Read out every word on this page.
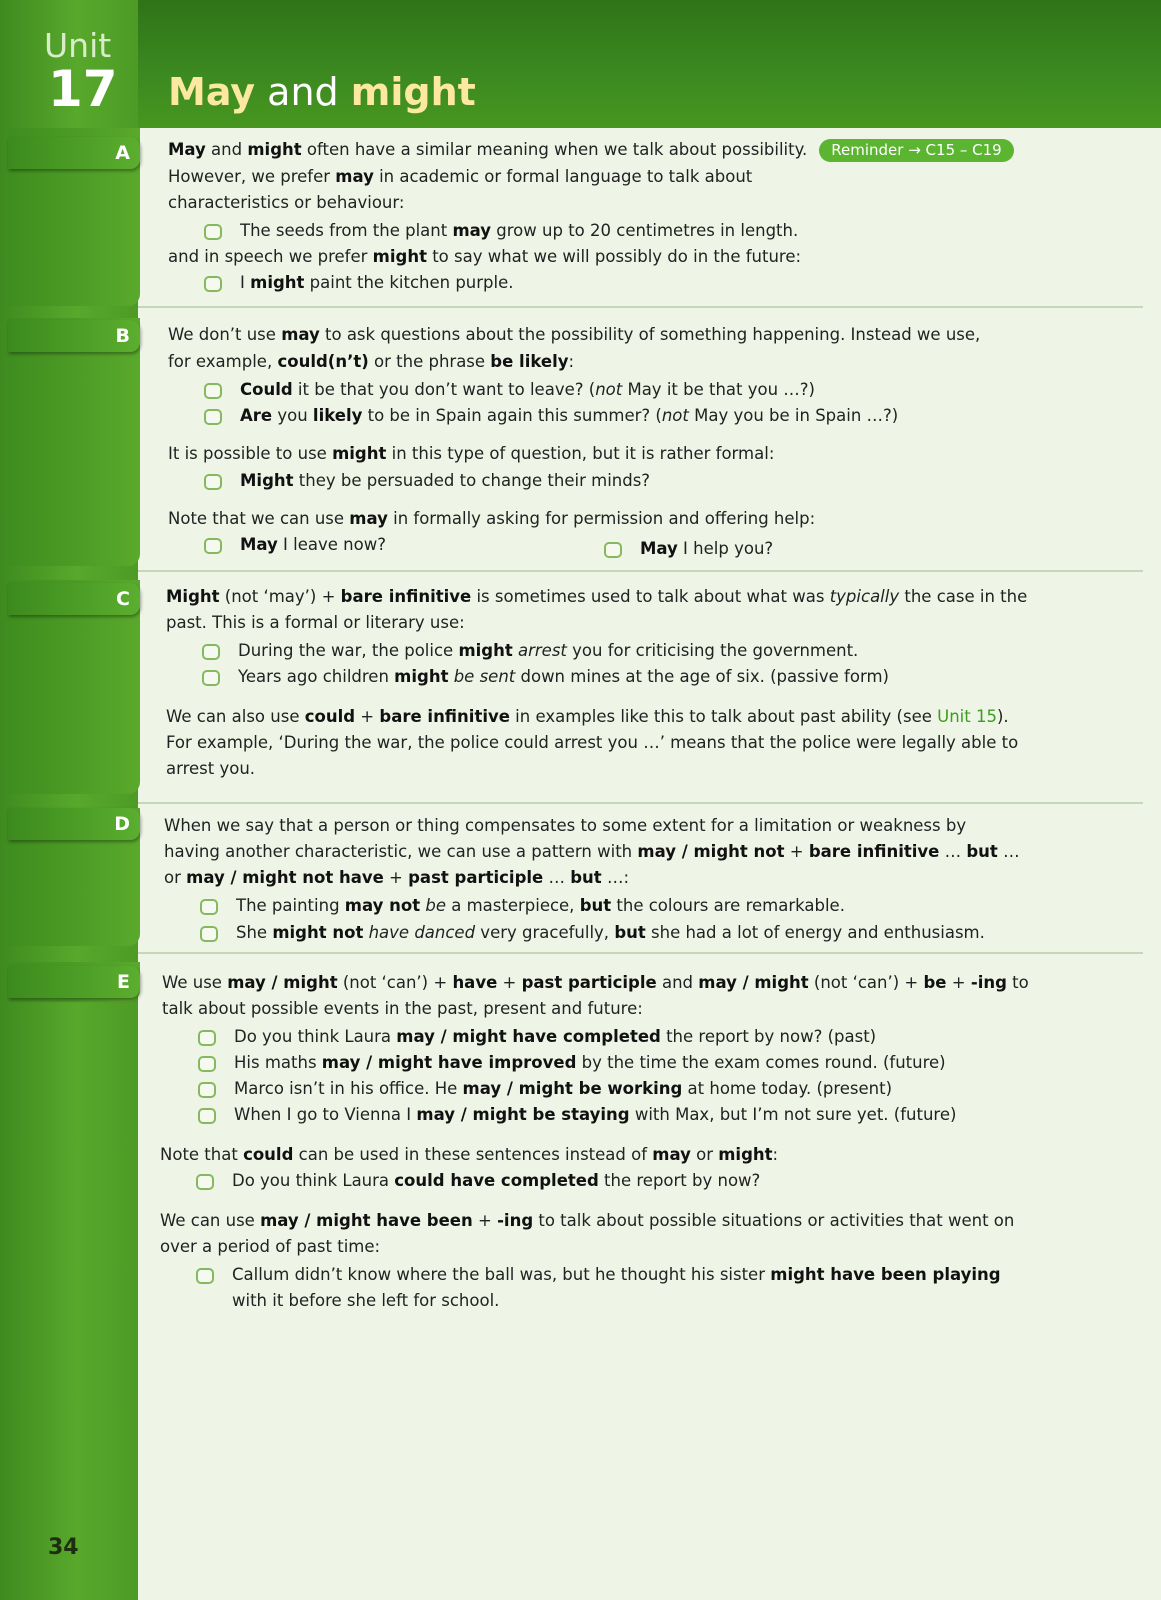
Unit
17 May and might
A	May and might often have a similar meaning when we talk about possibility. Reminder → C15 – C19
However, we prefer may in academic or formal language to talk about
characteristics or behaviour:
The seeds from the plant may grow up to 20 centimetres in length.
and in speech we prefer might to say what we will possibly do in the future:
I might paint the kitchen purple.
B	We don’t use may to ask questions about the possibility of something happening. Instead we use,
for example, could(n’t) or the phrase be likely:
Could it be that you don’t want to leave? (not May it be that you …?)
Are you likely to be in Spain again this summer? (not May you be in Spain …?)
It is possible to use might in this type of question, but it is rather formal:
Might they be persuaded to change their minds?
Note that we can use may in formally asking for permission and offering help:
May I leave now?	May I help you?
C	Might (not ‘may’) + bare infinitive is sometimes used to talk about what was typically the case in the
past. This is a formal or literary use:
During the war, the police might arrest you for criticising the government.
Years ago children might be sent down mines at the age of six. (passive form)
We can also use could + bare infinitive in examples like this to talk about past ability (see Unit 15).
For example, ‘During the war, the police could arrest you …’ means that the police were legally able to
arrest you.
D	When we say that a person or thing compensates to some extent for a limitation or weakness by
having another characteristic, we can use a pattern with may / might not + bare infinitive … but …
or may / might not have + past participle … but …:
The painting may not be a masterpiece, but the colours are remarkable.
She might not have danced very gracefully, but she had a lot of energy and enthusiasm.
E	We use may / might (not ‘can’) + have + past participle and may / might (not ‘can’) + be + -ing to
talk about possible events in the past, present and future:
Do you think Laura may / might have completed the report by now? (past)
His maths may / might have improved by the time the exam comes round. (future)
Marco isn’t in his office. He may / might be working at home today. (present)
When I go to Vienna I may / might be staying with Max, but I’m not sure yet. (future)
Note that could can be used in these sentences instead of may or might:
Do you think Laura could have completed the report by now?
We can use may / might have been + -ing to talk about possible situations or activities that went on
over a period of past time:
Callum didn’t know where the ball was, but he thought his sister might have been playing
with it before she left for school.
34
